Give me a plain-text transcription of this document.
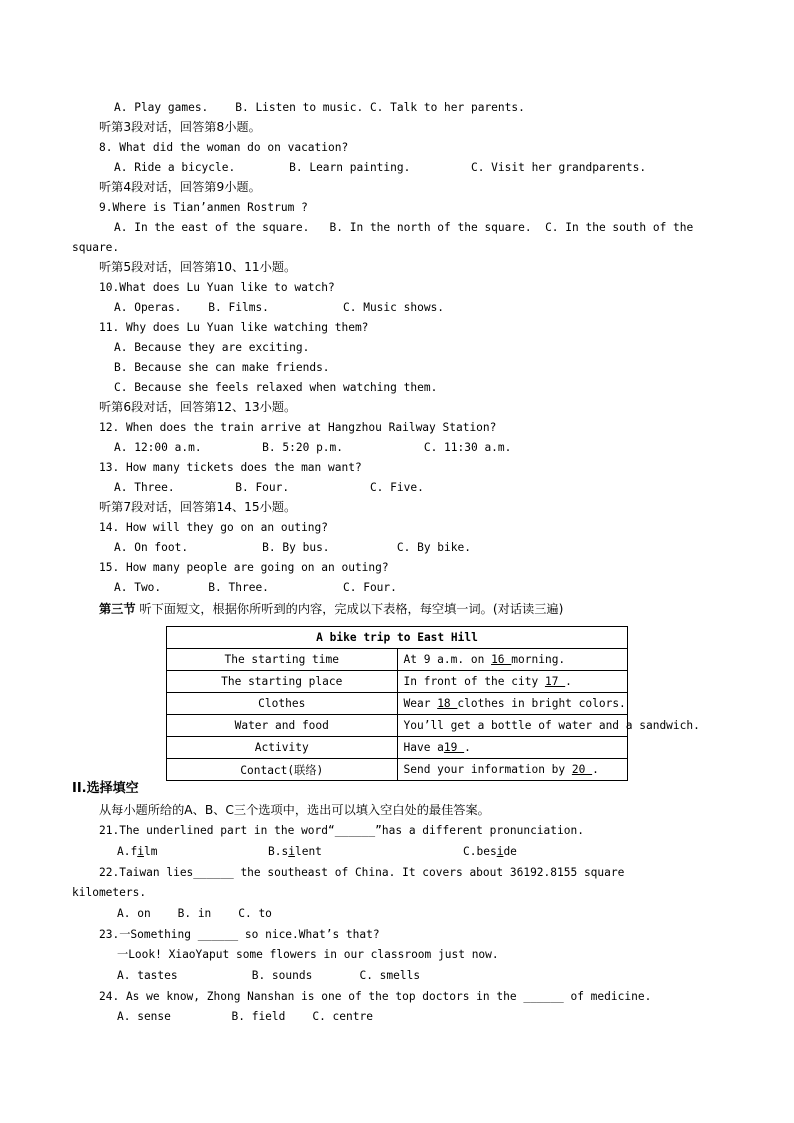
A. Play games.    B. Listen to music. C. Talk to her parents.
听第3段对话，回答第8小题。
8. What did the woman do on vacation?
A. Ride a bicycle.        B. Learn painting.         C. Visit her grandparents.
听第4段对话，回答第9小题。
9.Where is Tian’anmen Rostrum ?
A. In the east of the square.   B. In the north of the square.  C. In the south of the
square.
听第5段对话，回答第10、11小题。
10.What does Lu Yuan like to watch?
A. Operas.    B. Films.           C. Music shows.
11. Why does Lu Yuan like watching them?
A. Because they are exciting.
B. Because she can make friends.
C. Because she feels relaxed when watching them.
听第6段对话，回答第12、13小题。
12. When does the train arrive at Hangzhou Railway Station?
A. 12:00 a.m.         B. 5:20 p.m.            C. 11:30 a.m.
13. How many tickets does the man want?
A. Three.         B. Four.            C. Five.
听第7段对话，回答第14、15小题。
14. How will they go on an outing?
A. On foot.           B. By bus.          C. By bike.
15. How many people are going on an outing?
A. Two.       B. Three.           C. Four.
第三节 听下面短文，根据你所听到的内容，完成以下表格，每空填一词。(对话读三遍)
A bike trip to East Hill	
The starting time	At 9 a.m. on 16 morning.
The starting place	In front of the city 17 .
Clothes	Wear 18 clothes in bright colors.
Water and food	You’ll get a bottle of water and a sandwich.
Activity	Have a19 .
Contact(联络)	Send your information by 20 .
II.选择填空
从每小题所给的A、B、C三个选项中，选出可以填入空白处的最佳答案。
21.The underlined part in the word“______”has a different pronunciation.
A.film	B.silent	C.beside
22.Taiwan lies______ the southeast of China. It covers about 36192.8155 square
kilometers.
A. on    B. in    C. to
23.一Something ______ so nice.What’s that?
一Look! XiaoYaput some flowers in our classroom just now.
A. tastes           B. sounds       C. smells
24. As we know, Zhong Nanshan is one of the top doctors in the ______ of medicine.
A. sense         B. field    C. centre
